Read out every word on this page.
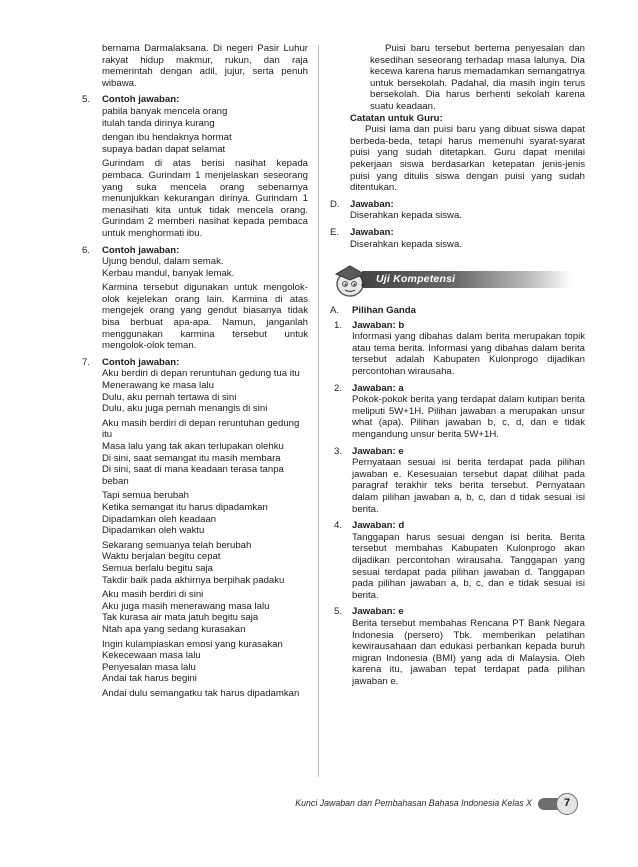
bernama Darmalaksana. Di negeri Pasir Luhur rakyat hidup makmur, rukun, dan raja memerintah dengan adil, jujur, serta penuh wibawa.
5. Contoh jawaban:
pabila banyak mencela orang
itulah tanda dirinya kurang
dengan ibu hendaknya hormat
supaya badan dapat selamat
Gurindam di atas berisi nasihat kepada pembaca. Gurindam 1 menjelaskan seseorang yang suka mencela orang sebenarnya menunjukkan kekurangan dirinya. Gurindam 1 menasihati kita untuk tidak mencela orang. Gurindam 2 memberi nasihat kepada pembaca untuk menghormati ibu.
6. Contoh jawaban:
Ujung bendul, dalam semak.
Kerbau mandul, banyak lemak.
Karmina tersebut digunakan untuk mengolok-olok kejelekan orang lain. Karmina di atas mengejek orang yang gendut biasanya tidak bisa berbuat apa-apa. Namun, janganlah menggunakan karmina tersebut untuk mengolok-olok teman.
7. Contoh jawaban:
Aku berdiri di depan reruntuhan gedung tua itu
Menerawang ke masa lalu
Dulu, aku pernah tertawa di sini
Dulu, aku juga pernah menangis di sini
Aku masih berdiri di depan reruntuhan gedung itu
Masa lalu yang tak akan terlupakan olehku
Di sini, saat semangat itu masih membara
Di sini, saat di mana keadaan terasa tanpa beban
Tapi semua berubah
Ketika semangat itu harus dipadamkan
Dipadamkan oleh keadaan
Dipadamkan oleh waktu
Sekarang semuanya telah berubah
Waktu berjalan begitu cepat
Semua berlalu begitu saja
Takdir baik pada akhirnya berpihak padaku
Aku masih berdiri di sini
Aku juga masih menerawang masa lalu
Tak kurasa air mata jatuh begitu saja
Ntah apa yang sedang kurasakan
Ingin kulampiaskan emosi yang kurasakan
Kekecewaan masa lalu
Penyesalan masa lalu
Andai tak harus begini
Andai dulu semangatku tak harus dipadamkan
Puisi baru tersebut bertema penyesalan dan kesedihan seseorang terhadap masa lalunya. Dia kecewa karena harus memadamkan semangatnya untuk bersekolah. Padahal, dia masih ingin terus bersekolah. Dia harus berhenti sekolah karena suatu keadaan.
Catatan untuk Guru:
Puisi lama dan puisi baru yang dibuat siswa dapat berbeda-beda, tetapi harus memenuhi syarat-syarat puisi yang sudah ditetapkan. Guru dapat menilai pekerjaan siswa berdasarkan ketepatan jenis-jenis puisi yang ditulis siswa dengan puisi yang sudah ditentukan.
D. Jawaban:
Diserahkan kepada siswa.
E. Jawaban:
Diserahkan kepada siswa.
Uji Kompetensi
A. Pilihan Ganda
1. Jawaban: b
Informasi yang dibahas dalam berita merupakan topik atau tema berita. Informasi yang dibahas dalam berita tersebut adalah Kabupaten Kulonprogo dijadikan percontohan wirausaha.
2. Jawaban: a
Pokok-pokok berita yang terdapat dalam kutipan berita meliputi 5W+1H. Pilihan jawaban a merupakan unsur what (apa). Pilihan jawaban b, c, d, dan e tidak mengandung unsur berita 5W+1H.
3. Jawaban: e
Pernyataan sesuai isi berita terdapat pada pilihan jawaban e. Kesesuaian tersebut dapat dilihat pada paragraf terakhir teks berita tersebut. Pernyataan dalam pilihan jawaban a, b, c, dan d tidak sesuai isi berita.
4. Jawaban: d
Tanggapan harus sesuai dengan isi berita. Berita tersebut membahas Kabupaten Kulonprogo akan dijadikan percontohan wirausaha. Tanggapan yang sesuai terdapat pada pilihan jawaban d. Tanggapan pada pilihan jawaban a, b, c, dan e tidak sesuai isi berita.
5. Jawaban: e
Berita tersebut membahas Rencana PT Bank Negara Indonesia (persero) Tbk. memberikan pelatihan kewirausahaan dan edukasi perbankan kepada buruh migran Indonesia (BMI) yang ada di Malaysia. Oleh karena itu, jawaban tepat terdapat pada pilihan jawaban e.
Kunci Jawaban dan Pembahasan Bahasa Indonesia Kelas X	7
